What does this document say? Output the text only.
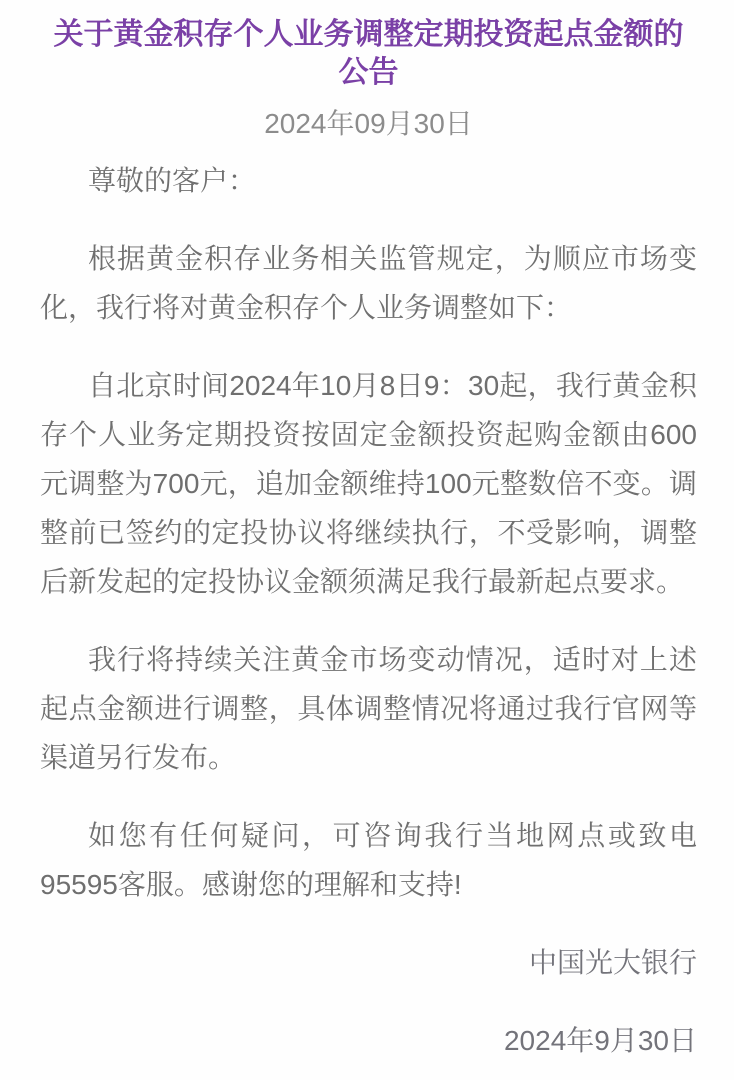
关于黄金积存个人业务调整定期投资起点金额的公告
2024年09月30日
尊敬的客户：

根据黄金积存业务相关监管规定，为顺应市场变化，我行将对黄金积存个人业务调整如下：

自北京时间2024年10月8日9：30起，我行黄金积存个人业务定期投资按固定金额投资起购金额由600元调整为700元，追加金额维持100元整数倍不变。调整前已签约的定投协议将继续执行，不受影响，调整后新发起的定投协议金额须满足我行最新起点要求。

我行将持续关注黄金市场变动情况，适时对上述起点金额进行调整，具体调整情况将通过我行官网等渠道另行发布。

如您有任何疑问，可咨询我行当地网点或致电95595客服。感谢您的理解和支持!

中国光大银行
2024年9月30日
